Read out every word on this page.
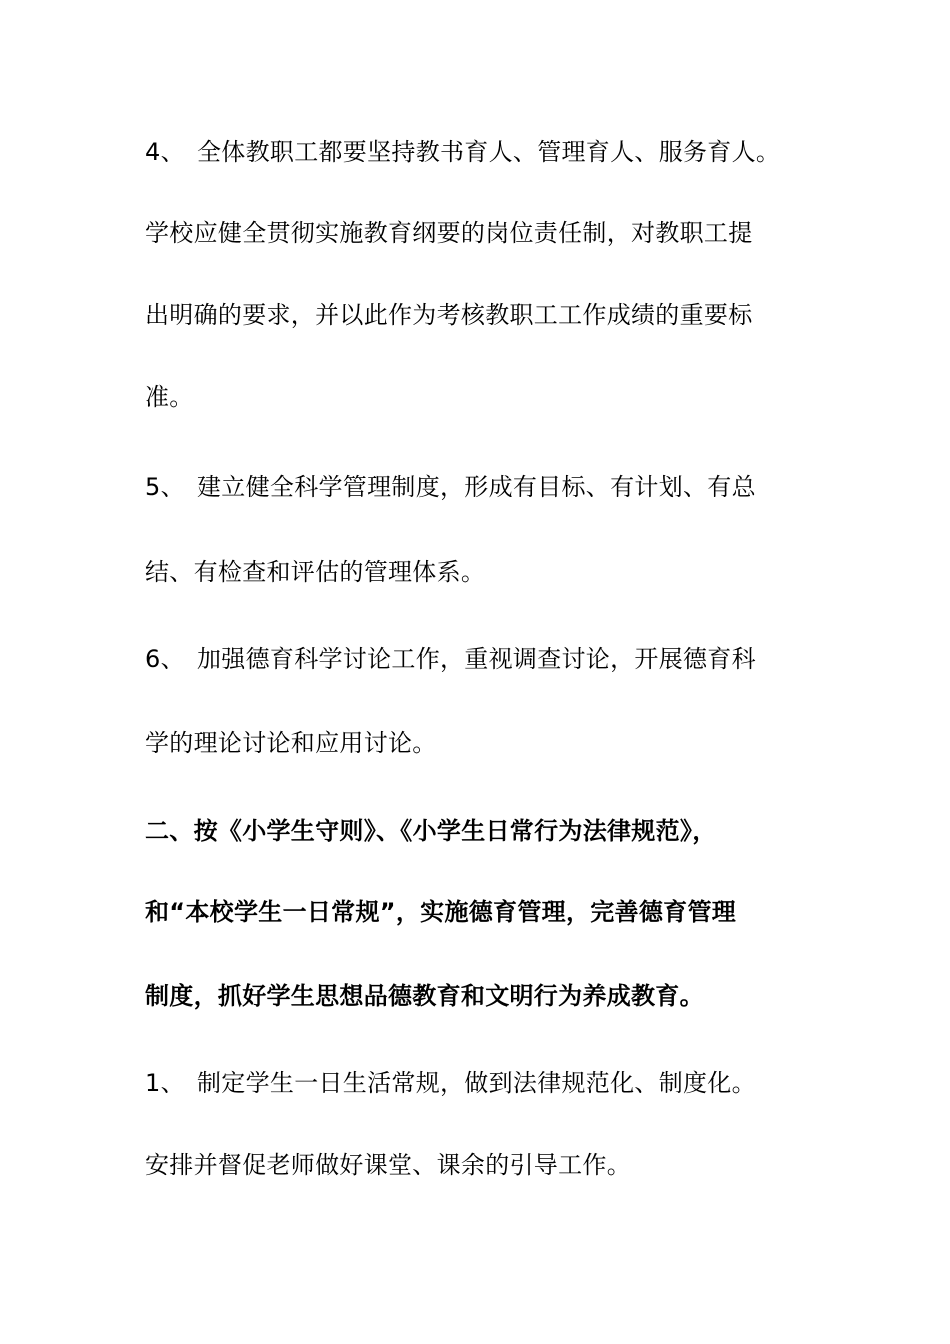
4、 全体教职工都要坚持教书育人、管理育人、服务育人。
学校应健全贯彻实施教育纲要的岗位责任制，对教职工提
出明确的要求，并以此作为考核教职工工作成绩的重要标
准。
5、 建立健全科学管理制度，形成有目标、有计划、有总
结、有检查和评估的管理体系。
6、 加强德育科学讨论工作，重视调查讨论，开展德育科
学的理论讨论和应用讨论。
二、按《小学生守则》、《小学生日常行为法律规范》，
和“本校学生一日常规”，实施德育管理，完善德育管理
制度，抓好学生思想品德教育和文明行为养成教育。
1、 制定学生一日生活常规，做到法律规范化、制度化。
安排并督促老师做好课堂、课余的引导工作。
